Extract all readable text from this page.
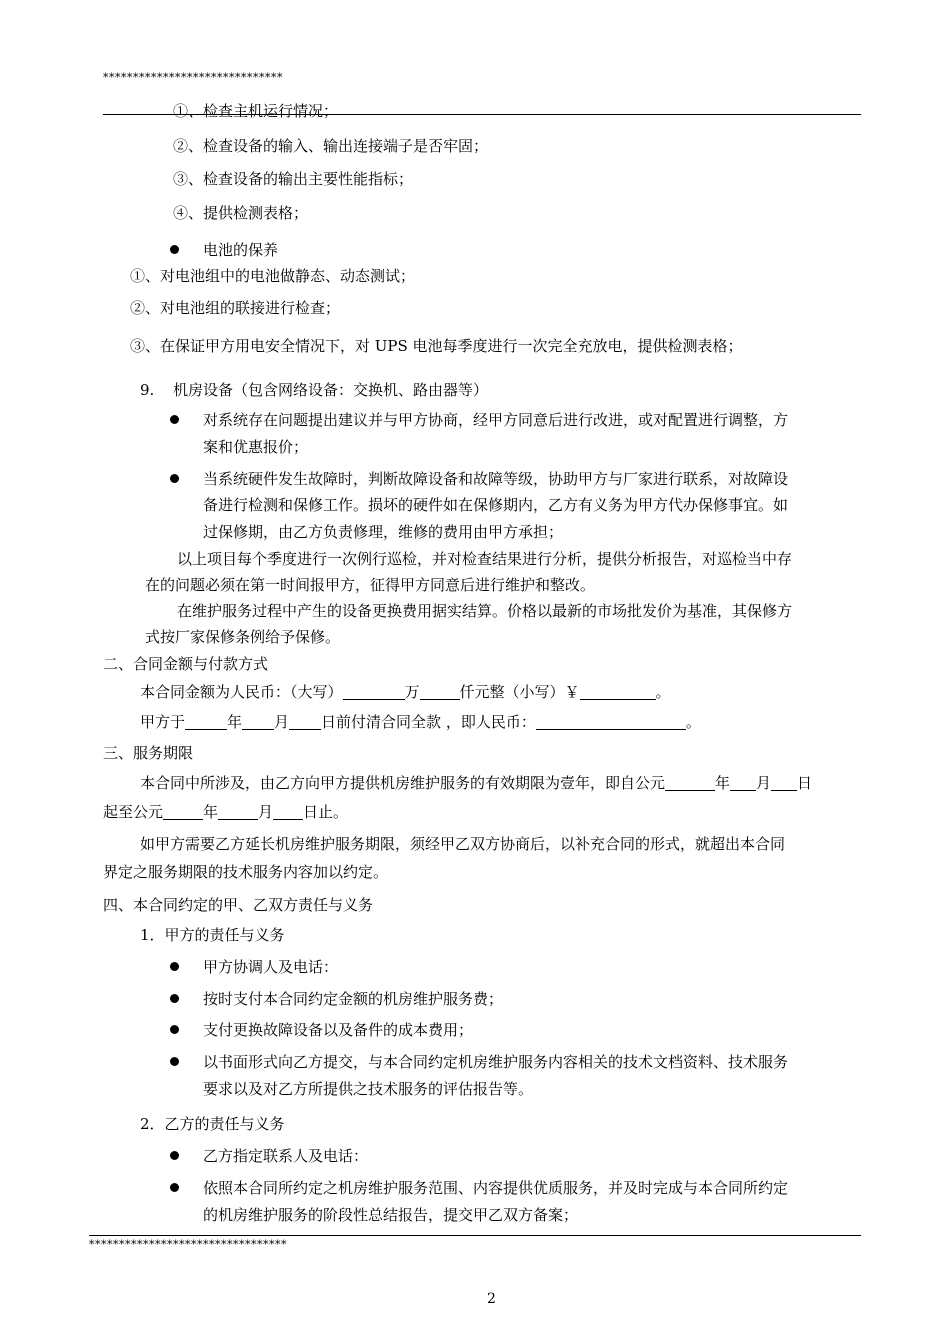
******************************
①、检查主机运行情况；
②、检查设备的输入、输出连接端子是否牢固；
③、检查设备的输出主要性能指标；
④、提供检测表格；
电池的保养
①、对电池组中的电池做静态、动态测试；
②、对电池组的联接进行检查；
③、在保证甲方用电安全情况下，对 UPS 电池每季度进行一次完全充放电，提供检测表格；
9. 机房设备（包含网络设备：交换机、路由器等）
对系统存在问题提出建议并与甲方协商，经甲方同意后进行改进，或对配置进行调整，方
案和优惠报价；
当系统硬件发生故障时，判断故障设备和故障等级，协助甲方与厂家进行联系，对故障设
备进行检测和保修工作。损坏的硬件如在保修期内，乙方有义务为甲方代办保修事宜。如
过保修期，由乙方负责修理，维修的费用由甲方承担；
以上项目每个季度进行一次例行巡检，并对检查结果进行分析，提供分析报告，对巡检当中存
在的问题必须在第一时间报甲方，征得甲方同意后进行维护和整改。
在维护服务过程中产生的设备更换费用据实结算。价格以最新的市场批发价为基准，其保修方
式按厂家保修条例给予保修。
二、合同金额与付款方式
本合同金额为人民币：（大写）	万	仟元整（小写）￥	。
甲方于	年 月 日前付清合同全款 ，即人民币：	。
三、服务期限
本合同中所涉及，由乙方向甲方提供机房维护服务的有效期限为壹年，即自公元	年 月 日
起至公元	年	月 日止。
如甲方需要乙方延长机房维护服务期限，须经甲乙双方协商后，以补充合同的形式，就超出本合同
界定之服务期限的技术服务内容加以约定。
四、本合同约定的甲、乙双方责任与义务
1．甲方的责任与义务
甲方协调人及电话：
按时支付本合同约定金额的机房维护服务费；
支付更换故障设备以及备件的成本费用；
以书面形式向乙方提交，与本合同约定机房维护服务内容相关的技术文档资料、技术服务
要求以及对乙方所提供之技术服务的评估报告等。
2．乙方的责任与义务
乙方指定联系人及电话：
依照本合同所约定之机房维护服务范围、内容提供优质服务，并及时完成与本合同所约定
的机房维护服务的阶段性总结报告，提交甲乙双方备案；
*********************************
2
